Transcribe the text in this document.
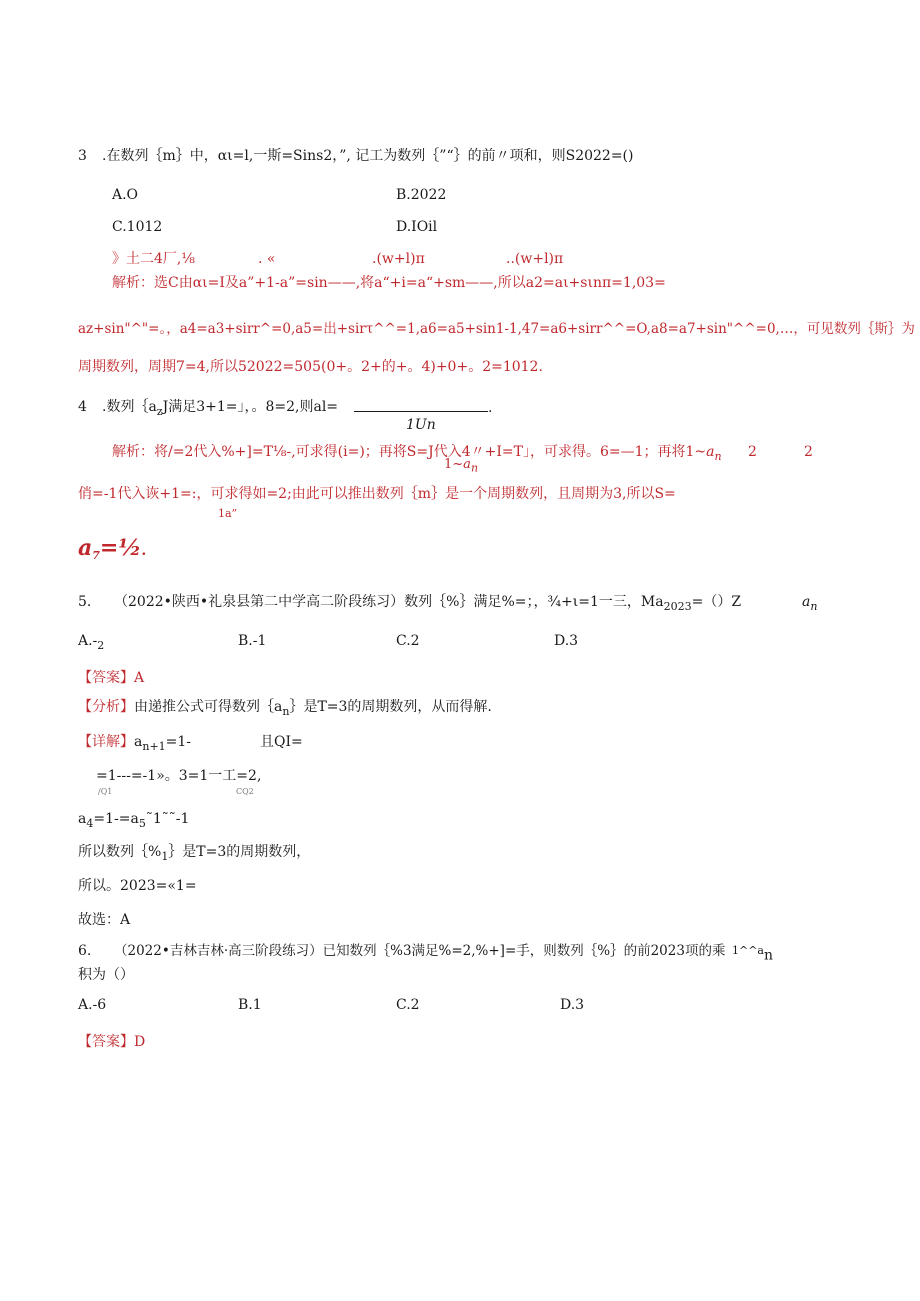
3 .在数列｛m｝中，αι=l,一斯=Sins2，”, 记工为数列｛”“｝的前〃项和，则S2022=()
A.O	B.2022
C.1012	D.IOil
》土二4厂,⅛	. «	.(w+l)π	..(w+l)π
解析：选C由αι=I及a”+1-a”=sin——,将a“+i=a“+sm——,所以a2=aι+sιnπ=1,03=
az+sin"^"=。，a4=a3+sirr^=0,a5=出+sirτ^^=1,a6=a5+sin1-1,47=a6+sirr^^=O,a8=a7+sin"^^=0,…，可见数列｛斯｝为
周期数列，周期7=4,所以52022=505(0+。2+的+。4)+0+。2=1012.
4 .数列$\{a_zJ$满足3+1=」，。8=2,则al=	.
1Un
解析：将/=2代入%+]=T⅛-,可求得(i=)；再将S=J代入4〃+I=T」，可求得。6=—1；再将$1\sim a_n$ 2	2
$1\sim a_n$
俏=-1代入诙+1=:，可求得如=2;由此可以推出数列｛m｝是一个周期数列，且周期为3,所以S=
1a”
$a_7=\frac{1}{2}$.
5. （2022•陕西•礼泉县第二中学高二阶段练习）数列｛%｝满足%=；，¾+ι=1一三，$Ma_{2023}=()Z$	$a_n$
$A.-_2$	B.-1	C.2	D.3
【答案】A
【分析】由递推公式可得数列$\{a_n\}$是T=3的周期数列，从而得解.
【详解】$a_{n+1}=1-$	且QI=
=1---=-1»。3=1一工=2,
/Q1	CQ2
$a_4=1-=a_5˜1˜˜-1$
所以数列$\{\%_1\}$是T=3的周期数列，
所以。2023=«1=
故选：A
6. （2022•吉林吉林·高三阶段练习）已知数列｛%3满足%=2,%+]=手，则数列｛%｝的前2023项的乘 $^{1\^{}\^{}a}$n
积为（）
A.-6	B.1	C.2	D.3
【答案】D
